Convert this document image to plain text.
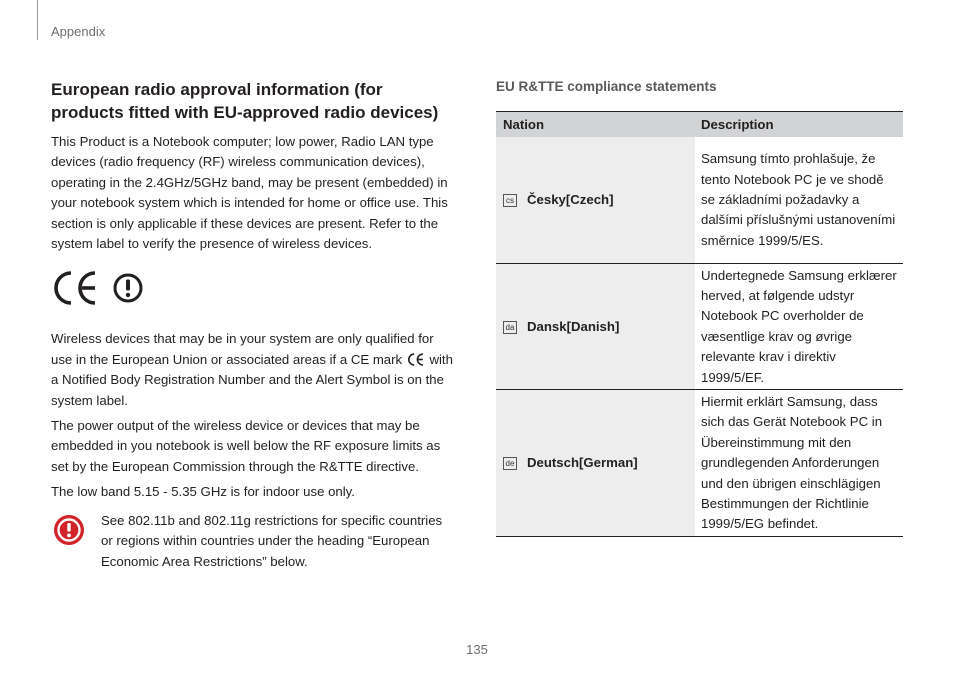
Appendix
European radio approval information (for products fitted with EU-approved radio devices)

This Product is a Notebook computer; low power, Radio LAN type devices (radio frequency (RF) wireless communication devices), operating in the 2.4GHz/5GHz band, may be present (embedded) in your notebook system which is intended for home or office use. This section is only applicable if these devices are present. Refer to the system label to verify the presence of wireless devices.

Wireless devices that may be in your system are only qualified for use in the European Union or associated areas if a CE mark with a Notified Body Registration Number and the Alert Symbol is on the system label.

The power output of the wireless device or devices that may be embedded in you notebook is well below the RF exposure limits as set by the European Commission through the R&TTE directive.

The low band 5.15 - 5.35 GHz is for indoor use only.

See 802.11b and 802.11g restrictions for specific countries or regions within countries under the heading “European Economic Area Restrictions” below.
EU R&TTE compliance statements
Nation	Description
cs Česky[Czech]	Samsung tímto prohlašuje, že tento Notebook PC je ve shodě se základními požadavky a dalšími příslušnými ustanoveními směrnice 1999/5/ES.
da Dansk[Danish]	Undertegnede Samsung erklærer herved, at følgende udstyr Notebook PC overholder de væsentlige krav og øvrige relevante krav i direktiv 1999/5/EF.
de Deutsch[German]	Hiermit erklärt Samsung, dass sich das Gerät Notebook PC in Übereinstimmung mit den grundlegenden Anforderungen und den übrigen einschlägigen Bestimmungen der Richtlinie 1999/5/EG befindet.
135
